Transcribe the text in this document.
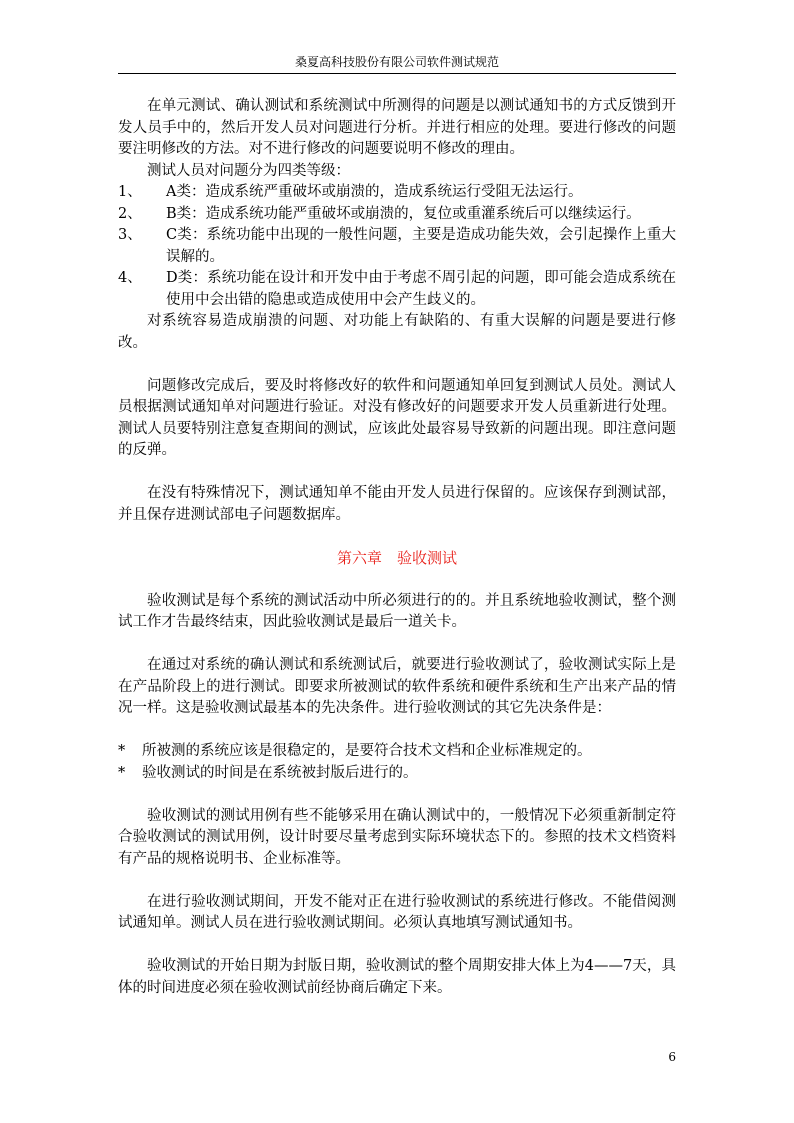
桑夏高科技股份有限公司软件测试规范

在单元测试、确认测试和系统测试中所测得的问题是以测试通知书的方式反馈到开发人员手中的，然后开发人员对问题进行分析。并进行相应的处理。要进行修改的问题要注明修改的方法。对不进行修改的问题要说明不修改的理由。

测试人员对问题分为四类等级：

1、	A类：造成系统严重破坏或崩溃的，造成系统运行受阻无法运行。
2、	B类：造成系统功能严重破坏或崩溃的，复位或重灌系统后可以继续运行。
3、	C类：系统功能中出现的一般性问题，主要是造成功能失效，会引起操作上重大误解的。
4、	D类：系统功能在设计和开发中由于考虑不周引起的问题，即可能会造成系统在使用中会出错的隐患或造成使用中会产生歧义的。

对系统容易造成崩溃的问题、对功能上有缺陷的、有重大误解的问题是要进行修改。

问题修改完成后，要及时将修改好的软件和问题通知单回复到测试人员处。测试人员根据测试通知单对问题进行验证。对没有修改好的问题要求开发人员重新进行处理。测试人员要特别注意复查期间的测试，应该此处最容易导致新的问题出现。即注意问题的反弹。

在没有特殊情况下，测试通知单不能由开发人员进行保留的。应该保存到测试部，并且保存进测试部电子问题数据库。

第六章　验收测试

验收测试是每个系统的测试活动中所必须进行的的。并且系统地验收测试，整个测试工作才告最终结束，因此验收测试是最后一道关卡。

在通过对系统的确认测试和系统测试后，就要进行验收测试了，验收测试实际上是在产品阶段上的进行测试。即要求所被测试的软件系统和硬件系统和生产出来产品的情况一样。这是验收测试最基本的先决条件。进行验收测试的其它先决条件是：

*	所被测的系统应该是很稳定的，是要符合技术文档和企业标准规定的。
*	验收测试的时间是在系统被封版后进行的。

验收测试的测试用例有些不能够采用在确认测试中的，一般情况下必须重新制定符合验收测试的测试用例，设计时要尽量考虑到实际环境状态下的。参照的技术文档资料有产品的规格说明书、企业标准等。

在进行验收测试期间，开发不能对正在进行验收测试的系统进行修改。不能借阅测试通知单。测试人员在进行验收测试期间。必须认真地填写测试通知书。

验收测试的开始日期为封版日期，验收测试的整个周期安排大体上为4——7天，具体的时间进度必须在验收测试前经协商后确定下来。

6
